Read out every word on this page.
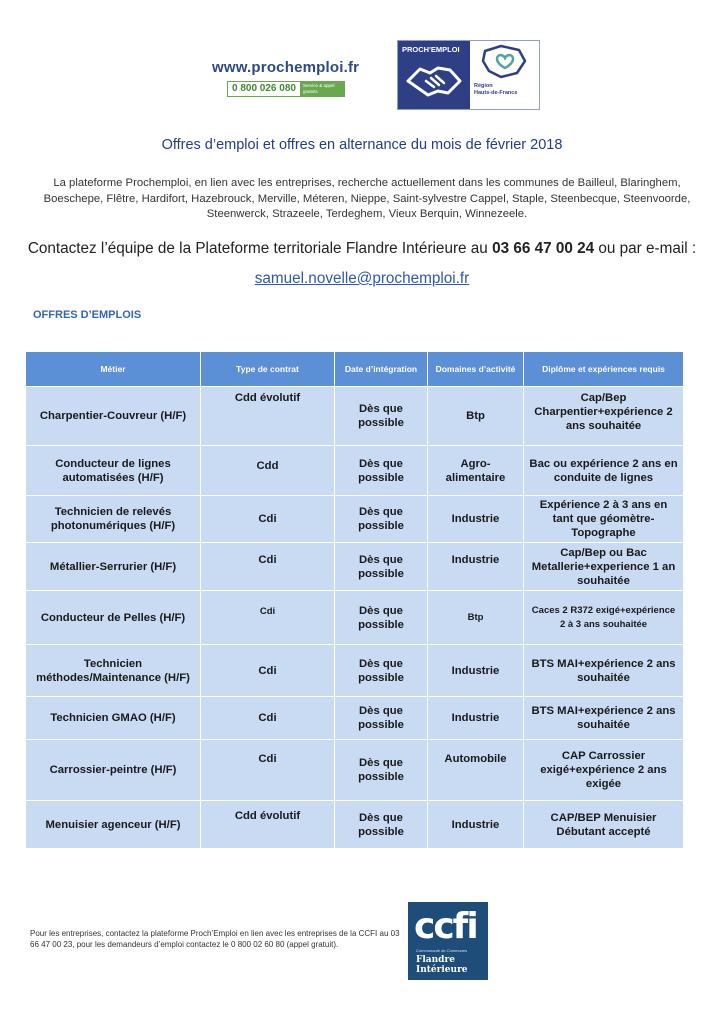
www.prochemploi.fr
0 800 026 080	Service & appel gratuits
PROCH'EMPLOI
Région
Hauts-de-France
Offres d’emploi et offres en alternance du mois de février 2018
La plateforme Prochemploi, en lien avec les entreprises, recherche actuellement dans les communes de Bailleul, Blaringhem, Boeschepe, Flêtre, Hardifort, Hazebrouck, Merville, Méteren, Nieppe, Saint-sylvestre Cappel, Staple, Steenbecque, Steenvoorde, Steenwerck, Strazeele, Terdeghem, Vieux Berquin, Winnezeele.
Contactez l’équipe de la Plateforme territoriale Flandre Intérieure au 03 66 47 00 24 ou par e-mail :
samuel.novelle@prochemploi.fr
OFFRES D’EMPLOIS
Métier	Type de contrat	Date d’intégration	Domaines d’activité	Diplôme et expériences requis
Charpentier-Couvreur (H/F)	Cdd évolutif	Dès que possible	Btp	Cap/Bep Charpentier+expérience 2 ans souhaitée
Conducteur de lignes automatisées (H/F)	Cdd	Dès que possible	Agro-alimentaire	Bac ou expérience 2 ans en conduite de lignes
Technicien de relevés photonumériques (H/F)	Cdi	Dès que possible	Industrie	Expérience 2 à 3 ans en tant que géomètre-Topographe
Métallier-Serrurier (H/F)	Cdi	Dès que possible	Industrie	Cap/Bep ou Bac Metallerie+experience 1 an souhaitée
Conducteur de Pelles (H/F)	Cdi	Dès que possible	Btp	Caces 2 R372 exigé+expérience 2 à 3 ans souhaitée
Technicien méthodes/Maintenance (H/F)	Cdi	Dès que possible	Industrie	BTS MAI+expérience 2 ans souhaitée
Technicien GMAO (H/F)	Cdi	Dès que possible	Industrie	BTS MAI+expérience 2 ans souhaitée
Carrossier-peintre (H/F)	Cdi	Dès que possible	Automobile	CAP Carrossier exigé+expérience 2 ans exigée
Menuisier agenceur (H/F)	Cdd évolutif	Dès que possible	Industrie	CAP/BEP Menuisier Débutant accepté
Pour les entreprises, contactez la plateforme Proch’Emploi en lien avec les entreprises de la CCFI au 03 66 47 00 23, pour les demandeurs d’emploi contactez le 0 800 02 60 80 (appel gratuit).	ccfi
Communauté de Communes
Flandre
Intérieure
